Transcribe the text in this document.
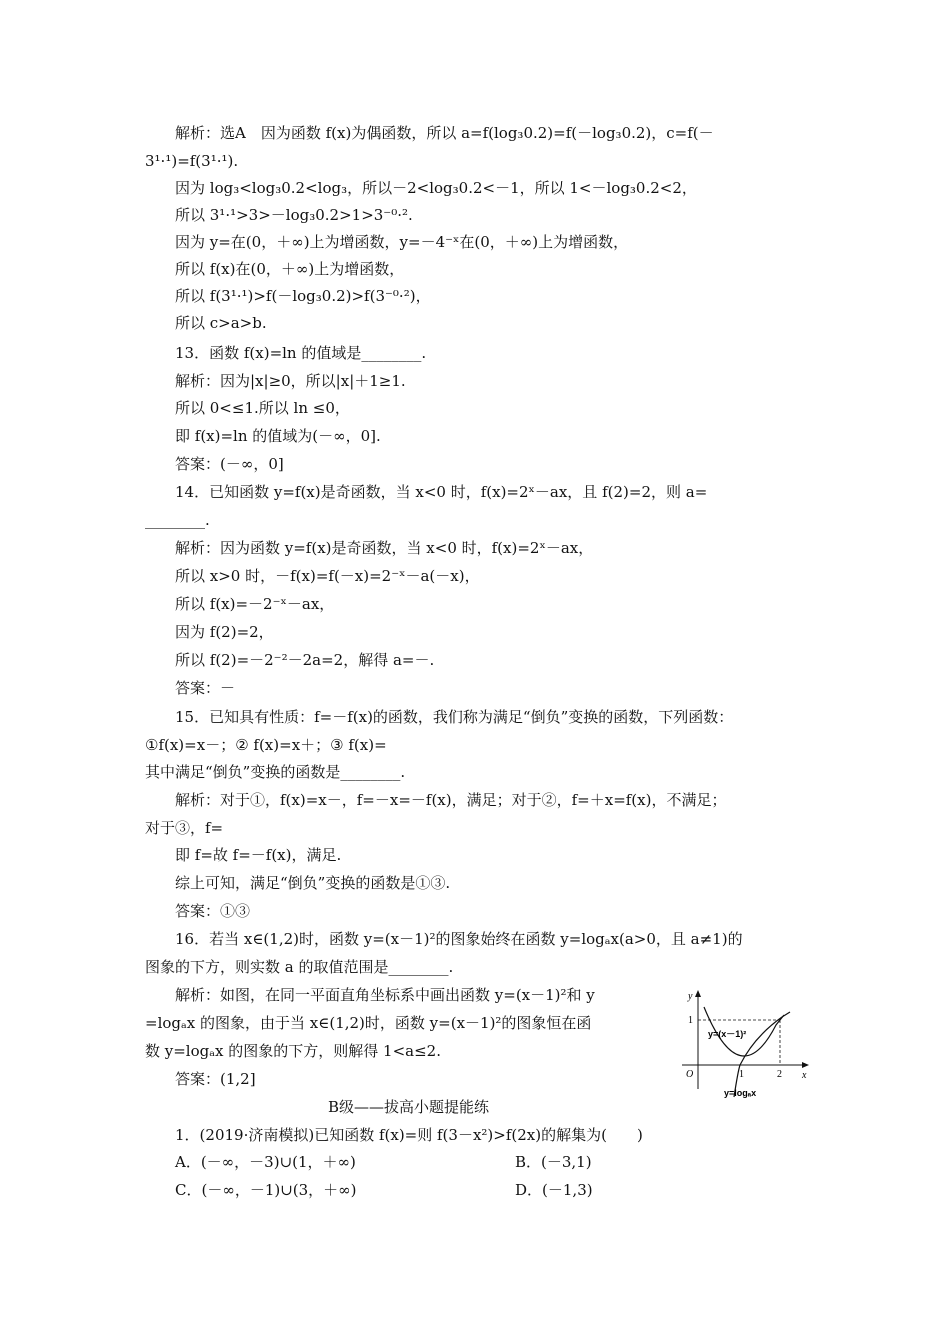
解析：选A　因为函数 f(x)为偶函数，所以 a=f(log₃0.2)=f(－log₃0.2)，c=f(－
3¹·¹)=f(3¹·¹).
因为 log₃<log₃0.2<log₃，所以－2<log₃0.2<－1，所以 1<－log₃0.2<2，
所以 3¹·¹>3>－log₃0.2>1>3⁻⁰·².
因为 y=在(0，＋∞)上为增函数，y=－4⁻ˣ在(0，＋∞)上为增函数，
所以 f(x)在(0，＋∞)上为增函数，
所以 f(3¹·¹)>f(－log₃0.2)>f(3⁻⁰·²)，
所以 c>a>b.
13．函数 f(x)=ln 的值域是________.
解析：因为|x|≥0，所以|x|＋1≥1.
所以 0<≤1.所以 ln ≤0，
即 f(x)=ln 的值域为(－∞，0].
答案：(－∞，0]
14．已知函数 y=f(x)是奇函数，当 x<0 时，f(x)=2ˣ－ax，且 f(2)=2，则 a=
________.
解析：因为函数 y=f(x)是奇函数，当 x<0 时，f(x)=2ˣ－ax，
所以 x>0 时，－f(x)=f(－x)=2⁻ˣ－a(－x)，
所以 f(x)=－2⁻ˣ－ax，
因为 f(2)=2，
所以 f(2)=－2⁻²－2a=2，解得 a=－.
答案：－
15．已知具有性质：f=－f(x)的函数，我们称为满足“倒负”变换的函数，下列函数：
①f(x)=x－；② f(x)=x＋；③ f(x)=
其中满足“倒负”变换的函数是________.
解析：对于①，f(x)=x－，f=－x=－f(x)，满足；对于②，f=＋x=f(x)，不满足；
对于③，f=
即 f=故 f=－f(x)，满足.
综上可知，满足“倒负”变换的函数是①③.
答案：①③
16．若当 x∈(1,2)时，函数 y=(x－1)²的图象始终在函数 y=logₐx(a>0，且 a≠1)的
图象的下方，则实数 a 的取值范围是________.
解析：如图，在同一平面直角坐标系中画出函数 y=(x－1)²和 y
=logₐx 的图象，由于当 x∈(1,2)时，函数 y=(x－1)²的图象恒在函
数 y=logₐx 的图象的下方，则解得 1<a≤2.
答案：(1,2]
B级——拔高小题提能练
1．(2019·济南模拟)已知函数 f(x)=则 f(3－x²)>f(2x)的解集为(　　)
A．(－∞，－3)∪(1，＋∞)	B．(－3,1)
C．(－∞，－1)∪(3，＋∞)	D．(－1,3)
y
x
O
1
1	2
y=(x－1)²
y=logₐx
